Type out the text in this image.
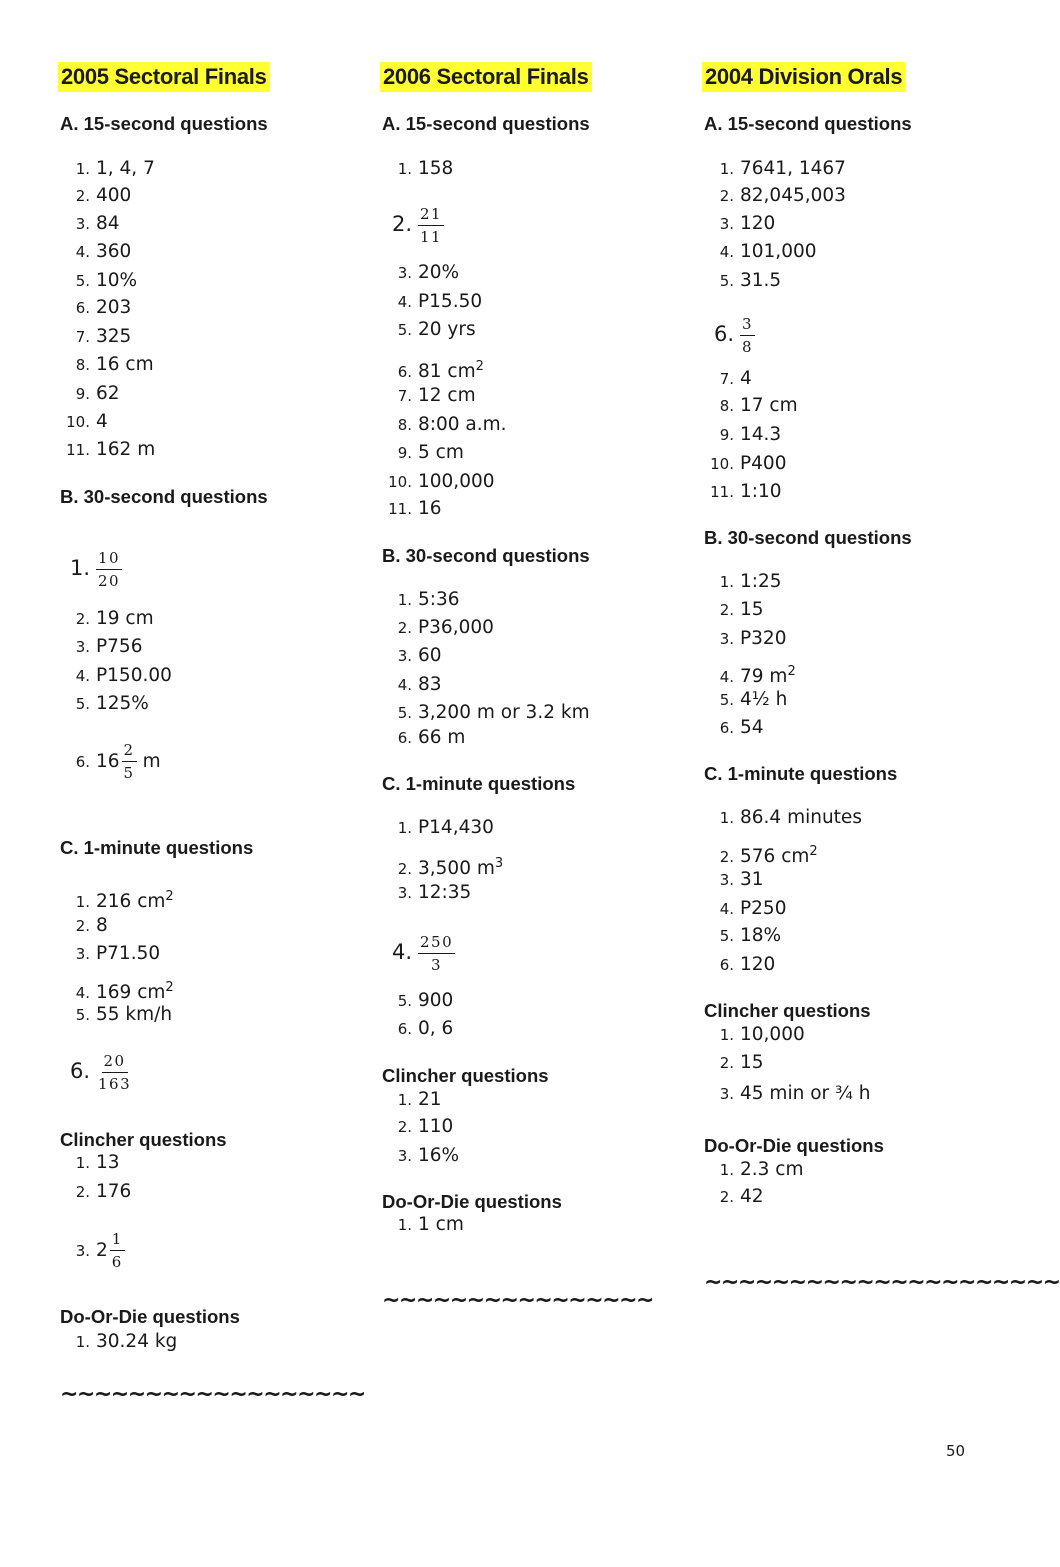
2005 Sectoral Finals
A. 15-second questions
1. 1, 4, 7
2. 400
3. 84
4. 360
5. 10%
6. 203
7. 325
8. 16 cm
9. 62
10. 4
11. 162 m
B. 30-second questions
1. $\frac{10}{20}$
2. 19 cm
3. P756
4. P150.00
5. 125%
6. $16 \frac{2}{5}$ m
C. 1-minute questions
1. 216 $cm^2$
2. 8
3. P71.50
4. 169 $cm^2$
5. 55 km/h
6. $\frac{20}{163}$
Clincher questions
1. 13
2. 176
3. $2 \frac{1}{6}$
Do-Or-Die questions
1. 30.24 kg
~~~~~~~~~~~~~~~~~~
2006 Sectoral Finals
A. 15-second questions
1. 158
2. $\frac{21}{11}$
3. 20%
4. P15.50
5. 20 yrs
6. 81 $cm^2$
7. 12 cm
8. 8:00 a.m.
9. 5 cm
10. 100,000
11. 16
B. 30-second questions
1. 5:36
2. P36,000
3. 60
4. 83
5. 3,200 m or 3.2 km
6. 66 m
C. 1-minute questions
1. P14,430
2. 3,500 $m^3$
3. 12:35
4. $\frac{250}{3}$
5. 900
6. 0, 6
Clincher questions
1. 21
2. 110
3. 16%
Do-Or-Die questions
1. 1 cm
~~~~~~~~~~~~~~~~
2004 Division Orals
A. 15-second questions
1. 7641, 1467
2. 82,045,003
3. 120
4. 101,000
5. 31.5
6. $\frac{3}{8}$
7. 4
8. 17 cm
9. 14.3
10. P400
11. 1:10
B. 30-second questions
1. 1:25
2. 15
3. P320
4. 79 $m^2$
5. 4½ h
6. 54
C. 1-minute questions
1. 86.4 minutes
2. 576 $cm^2$
3. 31
4. P250
5. 18%
6. 120
Clincher questions
1. 10,000
2. 15
3. 45 min or ¾ h
Do-Or-Die questions
1. 2.3 cm
2. 42
~~~~~~~~~~~~~~~~~~~~~
50
